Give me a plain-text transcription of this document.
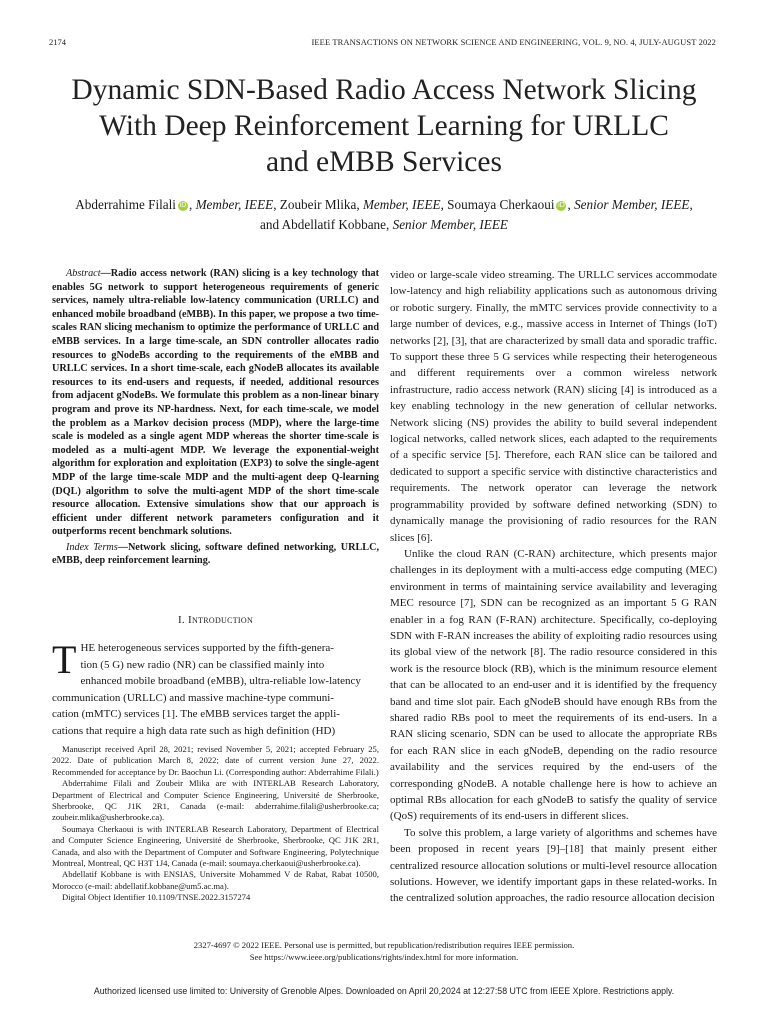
2174	IEEE TRANSACTIONS ON NETWORK SCIENCE AND ENGINEERING, VOL. 9, NO. 4, JULY-AUGUST 2022
Dynamic SDN-Based Radio Access Network Slicing
With Deep Reinforcement Learning for URLLC
and eMBB Services
Abderrahime Filali iD , Member, IEEE, Zoubeir Mlika, Member, IEEE, Soumaya Cherkaoui iD , Senior Member, IEEE,
and Abdellatif Kobbane, Senior Member, IEEE

Abstract—Radio access network (RAN) slicing is a key technology that enables 5G network to support heterogeneous requirements of generic services, namely ultra-reliable low-latency communication (URLLC) and enhanced mobile broadband (eMBB). In this paper, we propose a two time-scales RAN slicing mechanism to optimize the performance of URLLC and eMBB services. In a large time-scale, an SDN controller allocates radio resources to gNodeBs according to the requirements of the eMBB and URLLC services. In a short time-scale, each gNodeB allocates its available resources to its end-users and requests, if needed, additional resources from adjacent gNodeBs. We formulate this problem as a non-linear binary program and prove its NP-hardness. Next, for each time-scale, we model the problem as a Markov decision process (MDP), where the large-time scale is modeled as a single agent MDP whereas the shorter time-scale is modeled as a multi-agent MDP. We leverage the exponential-weight algorithm for exploration and exploitation (EXP3) to solve the single-agent MDP of the large time-scale MDP and the multi-agent deep Q-learning (DQL) algorithm to solve the multi-agent MDP of the short time-scale resource allocation. Extensive simulations show that our approach is efficient under different network parameters configuration and it outperforms recent benchmark solutions.

Index Terms—Network slicing, software defined networking, URLLC, eMBB, deep reinforcement learning.

I. Introduction
T HE heterogeneous services supported by the fifth-genera-
tion (5 G) new radio (NR) can be classified mainly into
enhanced mobile broadband (eMBB), ultra-reliable low-latency
communication (URLLC) and massive machine-type communi-
cation (mMTC) services [1]. The eMBB services target the appli-
cations that require a high data rate such as high definition (HD)

Manuscript received April 28, 2021; revised November 5, 2021; accepted February 25, 2022. Date of publication March 8, 2022; date of current version June 27, 2022. Recommended for acceptance by Dr. Baochun Li. (Corresponding author: Abderrahime Filali.)

Abderrahime Filali and Zoubeir Mlika are with INTERLAB Research Laboratory, Department of Electrical and Computer Science Engineering, Université de Sherbrooke, Sherbrooke, QC J1K 2R1, Canada (e-mail: abderrahime.filali@usherbrooke.ca; zoubeir.mlika@usherbrooke.ca).

Soumaya Cherkaoui is with INTERLAB Research Laboratory, Department of Electrical and Computer Science Engineering, Université de Sherbrooke, Sherbrooke, QC J1K 2R1, Canada, and also with the Department of Computer and Software Engineering, Polytechnique Montreal, Montreal, QC H3T 1J4, Canada (e-mail: soumaya.cherkaoui@usherbrooke.ca).

Abdellatif Kobbane is with ENSIAS, Universite Mohammed V de Rabat, Rabat 10500, Morocco (e-mail: abdellatif.kobbane@um5.ac.ma).

Digital Object Identifier 10.1109/TNSE.2022.3157274

video or large-scale video streaming. The URLLC services accommodate low-latency and high reliability applications such as autonomous driving or robotic surgery. Finally, the mMTC services provide connectivity to a large number of devices, e.g., massive access in Internet of Things (IoT) networks [2], [3], that are characterized by small data and sporadic traffic. To support these three 5 G services while respecting their heterogeneous and different requirements over a common wireless network infrastructure, radio access network (RAN) slicing [4] is introduced as a key enabling technology in the new generation of cellular networks. Network slicing (NS) provides the ability to build several independent logical networks, called network slices, each adapted to the requirements of a specific service [5]. Therefore, each RAN slice can be tailored and dedicated to support a specific service with distinctive characteristics and requirements. The network operator can leverage the network programmability provided by software defined networking (SDN) to dynamically manage the provisioning of radio resources for the RAN slices [6].

Unlike the cloud RAN (C-RAN) architecture, which presents major challenges in its deployment with a multi-access edge computing (MEC) environment in terms of maintaining service availability and leveraging MEC resource [7], SDN can be recognized as an important 5 G RAN enabler in a fog RAN (F-RAN) architecture. Specifically, co-deploying SDN with F-RAN increases the ability of exploiting radio resources using its global view of the network [8]. The radio resource considered in this work is the resource block (RB), which is the minimum resource element that can be allocated to an end-user and it is identified by the frequency band and time slot pair. Each gNodeB should have enough RBs from the shared radio RBs pool to meet the requirements of its end-users. In a RAN slicing scenario, SDN can be used to allocate the appropriate RBs for each RAN slice in each gNodeB, depending on the radio resource availability and the services required by the end-users of the corresponding gNodeB. A notable challenge here is how to achieve an optimal RBs allocation for each gNodeB to satisfy the quality of service (QoS) requirements of its end-users in different slices.

To solve this problem, a large variety of algorithms and schemes have been proposed in recent years [9]–[18] that mainly present either centralized resource allocation solutions or multi-level resource allocation solutions. However, we identify important gaps in these related-works. In the centralized solution approaches, the radio resource allocation decision

2327-4697 © 2022 IEEE. Personal use is permitted, but republication/redistribution requires IEEE permission.
See https://www.ieee.org/publications/rights/index.html for more information.
Authorized licensed use limited to: University of Grenoble Alpes. Downloaded on April 20,2024 at 12:27:58 UTC from IEEE Xplore. Restrictions apply.
